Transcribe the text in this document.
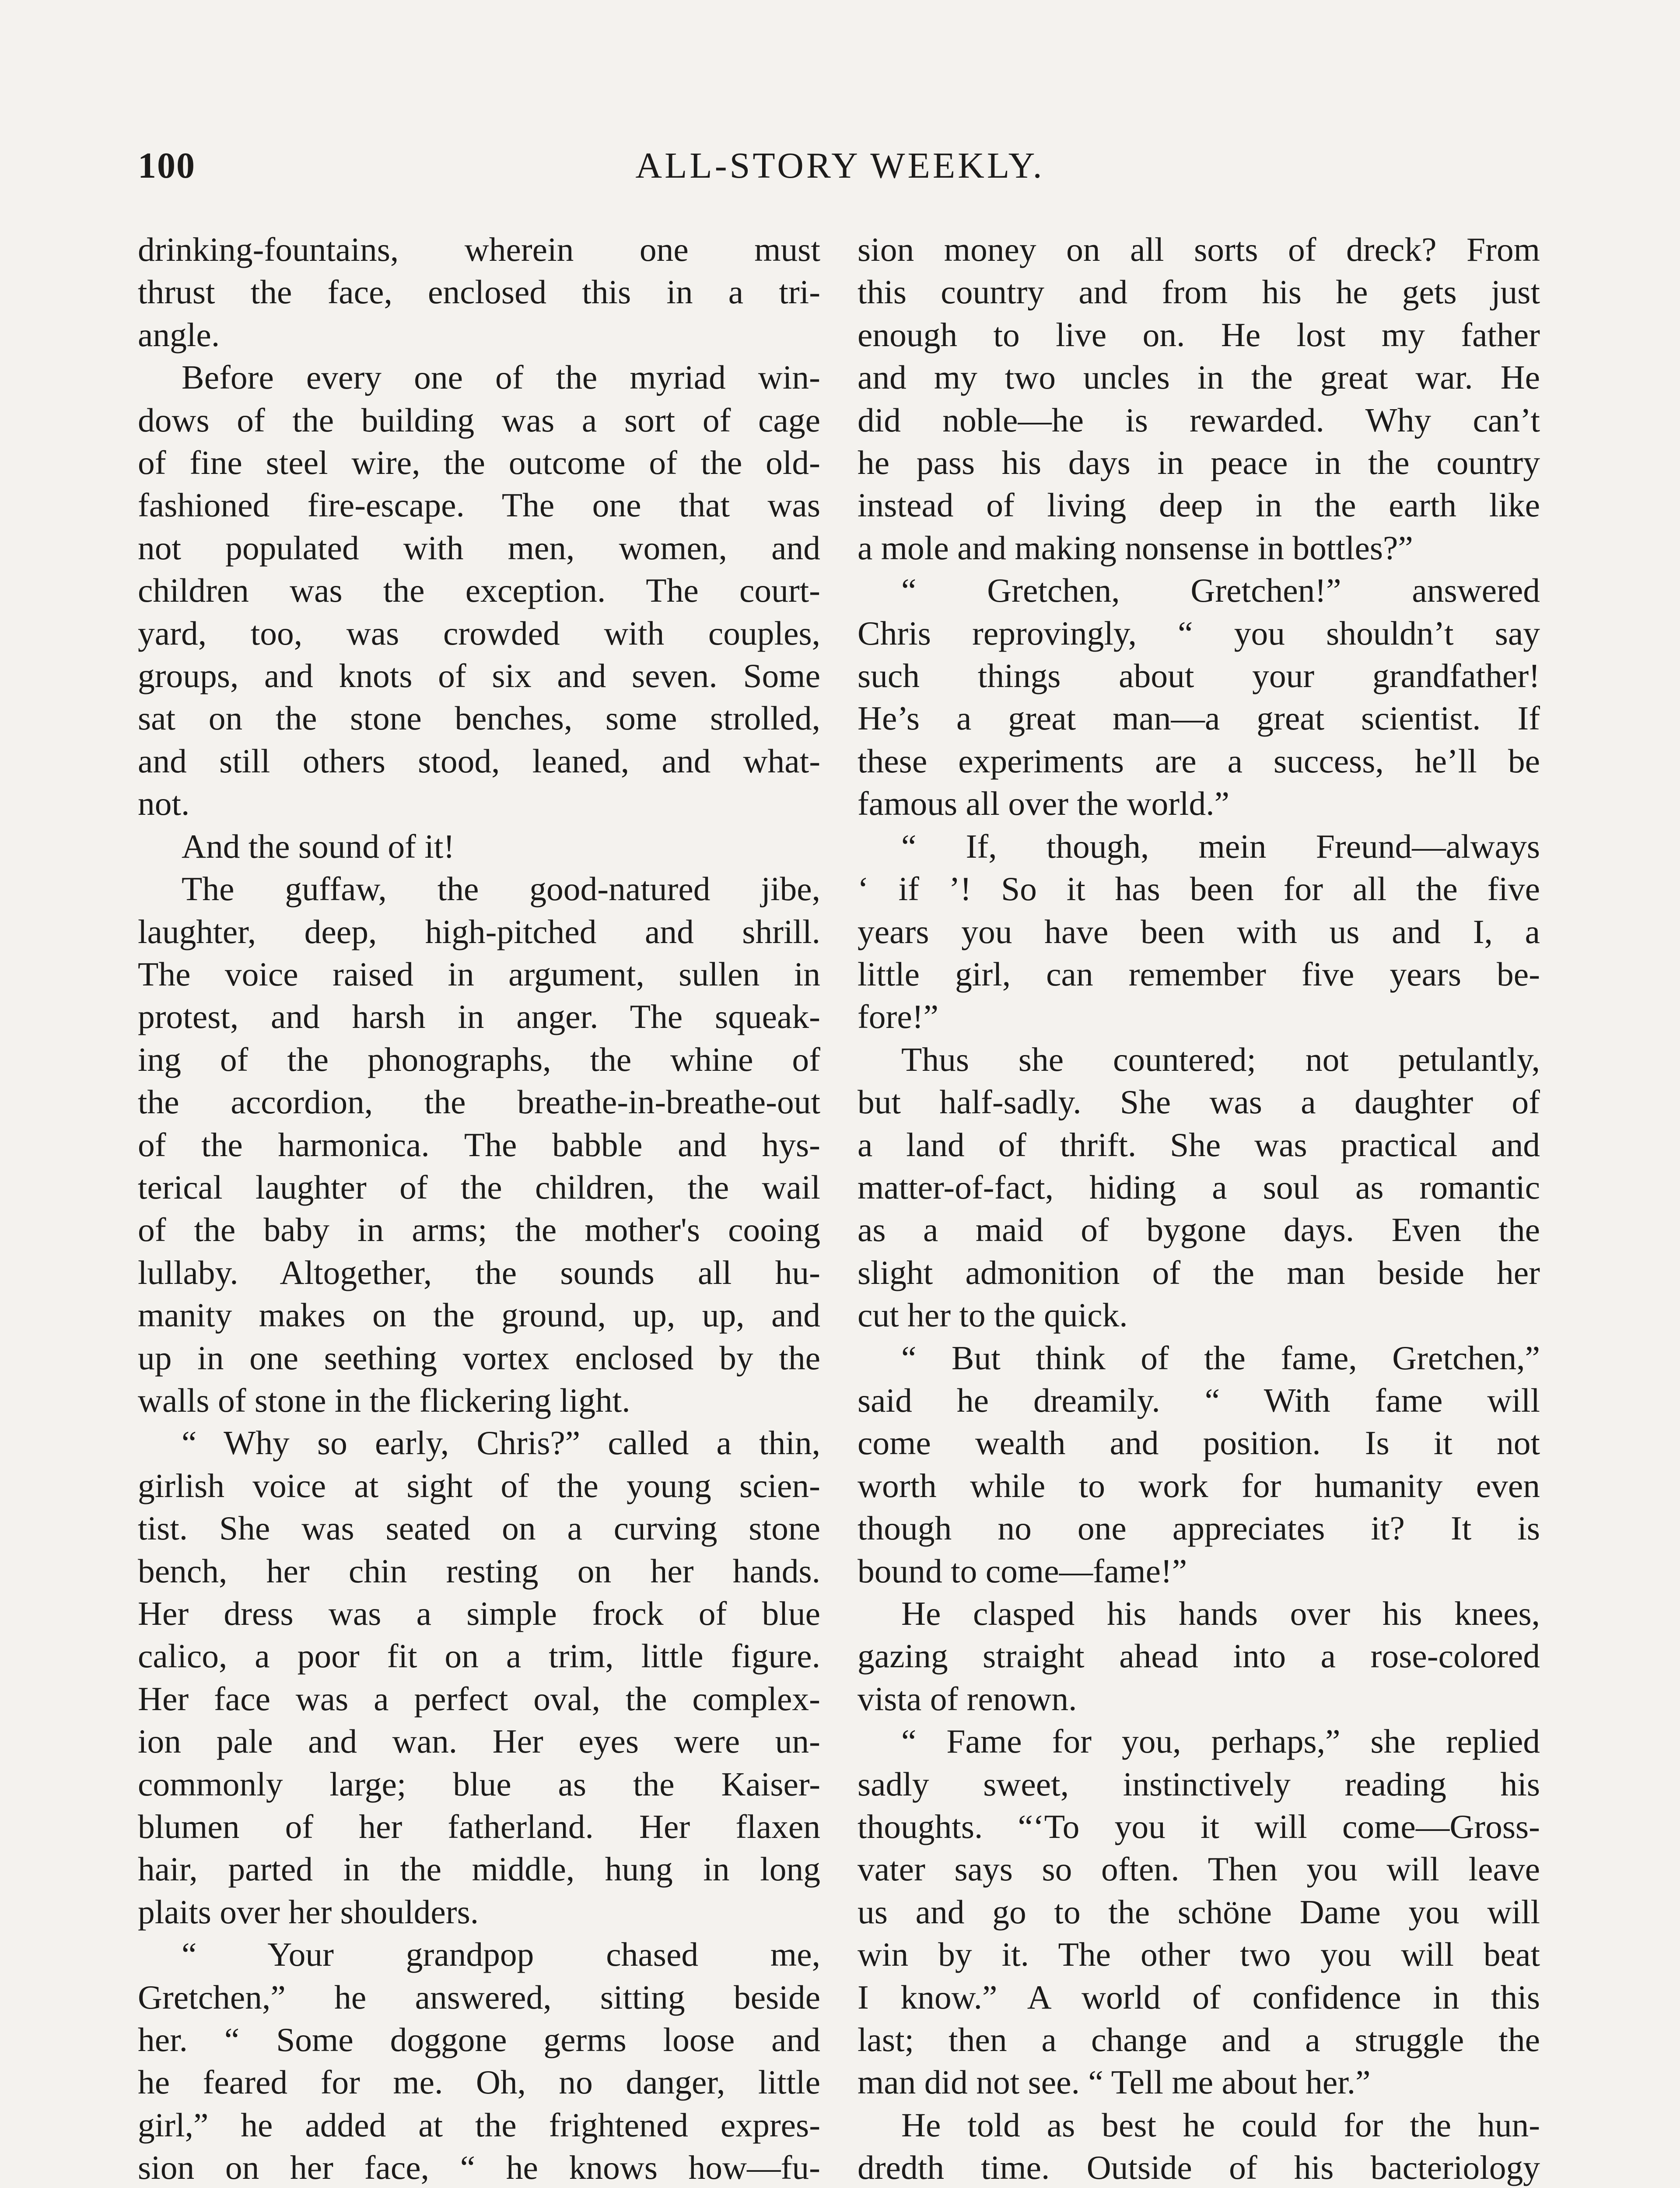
100	ALL-STORY WEEKLY.

drinking-fountains, wherein one must

thrust the face, enclosed this in a tri-

angle.

Before every one of the myriad win-

dows of the building was a sort of cage

of fine steel wire, the outcome of the old-

fashioned fire-escape. The one that was

not populated with men, women, and

children was the exception. The court-

yard, too, was crowded with couples,

groups, and knots of six and seven. Some

sat on the stone benches, some strolled,

and still others stood, leaned, and what-

not.

And the sound of it!

The guffaw, the good-natured jibe,

laughter, deep, high-pitched and shrill.

The voice raised in argument, sullen in

protest, and harsh in anger. The squeak-

ing of the phonographs, the whine of

the accordion, the breathe-in-breathe-out

of the harmonica. The babble and hys-

terical laughter of the children, the wail

of the baby in arms; the mother's cooing

lullaby. Altogether, the sounds all hu-

manity makes on the ground, up, up, and

up in one seething vortex enclosed by the

walls of stone in the flickering light.

“ Why so early, Chris?” called a thin,

girlish voice at sight of the young scien-

tist. She was seated on a curving stone

bench, her chin resting on her hands.

Her dress was a simple frock of blue

calico, a poor fit on a trim, little figure.

Her face was a perfect oval, the complex-

ion pale and wan. Her eyes were un-

commonly large; blue as the Kaiser-

blumen of her fatherland. Her flaxen

hair, parted in the middle, hung in long

plaits over her shoulders.

“ Your grandpop chased me,

Gretchen,” he answered, sitting beside

her. “ Some doggone germs loose and

he feared for me. Oh, no danger, little

girl,” he added at the frightened expres-

sion on her face, “ he knows how—fu-

sion money on all sorts of dreck? From

this country and from his he gets just

enough to live on. He lost my father

and my two uncles in the great war. He

did noble—he is rewarded. Why can’t

he pass his days in peace in the country

instead of living deep in the earth like

a mole and making nonsense in bottles?”

“ Gretchen, Gretchen!” answered

Chris reprovingly, “ you shouldn’t say

such things about your grandfather!

He’s a great man—a great scientist. If

these experiments are a success, he’ll be

famous all over the world.”

“ If, though, mein Freund—always

‘ if ’! So it has been for all the five

years you have been with us and I, a

little girl, can remember five years be-

fore!”

Thus she countered; not petulantly,

but half-sadly. She was a daughter of

a land of thrift. She was practical and

matter-of-fact, hiding a soul as romantic

as a maid of bygone days. Even the

slight admonition of the man beside her

cut her to the quick.

“ But think of the fame, Gretchen,”

said he dreamily. “ With fame will

come wealth and position. Is it not

worth while to work for humanity even

though no one appreciates it? It is

bound to come—fame!”

He clasped his hands over his knees,

gazing straight ahead into a rose-colored

vista of renown.

“ Fame for you, perhaps,” she replied

sadly sweet, instinctively reading his

thoughts. “‘To you it will come—Gross-

vater says so often. Then you will leave

us and go to the schöne Dame you will

win by it. The other two you will beat

I know.” A world of confidence in this

last; then a change and a struggle the

man did not see. “ Tell me about her.”

He told as best he could for the hun-

dredth time. Outside of his bacteriology
